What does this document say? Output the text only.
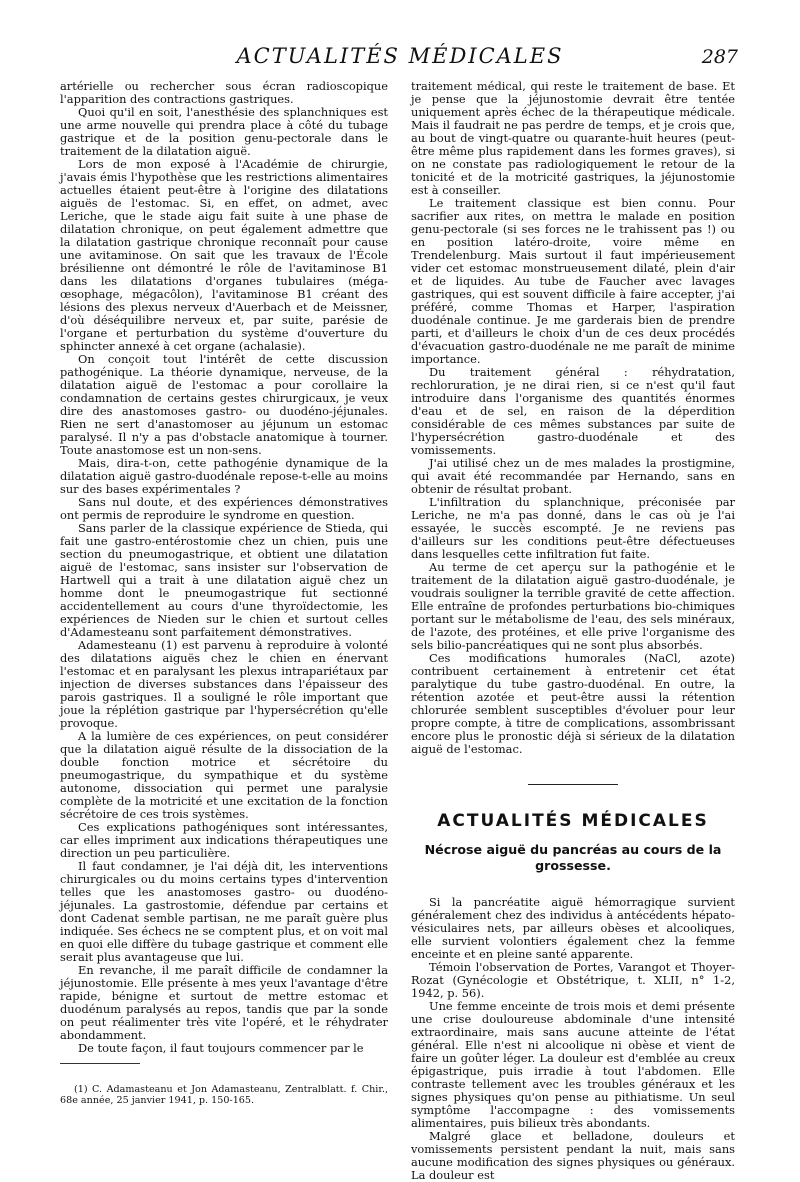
ACTUALITÉS MÉDICALES	287

artérielle ou rechercher sous écran radioscopique l'apparition des contractions gastriques.

Quoi qu'il en soit, l'anesthésie des splanchniques est une arme nouvelle qui prendra place à côté du tubage gastrique et de la position genu-pectorale dans le traitement de la dilatation aiguë.

Lors de mon exposé à l'Académie de chirurgie, j'avais émis l'hypothèse que les restrictions alimentaires actuelles étaient peut-être à l'origine des dilatations aiguës de l'estomac. Si, en effet, on admet, avec Leriche, que le stade aigu fait suite à une phase de dilatation chronique, on peut également admettre que la dilatation gastrique chronique reconnaît pour cause une avitaminose. On sait que les travaux de l'École brésilienne ont démontré le rôle de l'avitaminose B1 dans les dilatations d'organes tubulaires (méga-œsophage, mégacôlon), l'avitaminose B1 créant des lésions des plexus nerveux d'Auerbach et de Meissner, d'où déséquilibre nerveux et, par suite, parésie de l'organe et perturbation du système d'ouverture du sphincter annexé à cet organe (achalasie).

On conçoit tout l'intérêt de cette discussion pathogénique. La théorie dynamique, nerveuse, de la dilatation aiguë de l'estomac a pour corollaire la condamnation de certains gestes chirurgicaux, je veux dire des anastomoses gastro- ou duodéno-jéjunales. Rien ne sert d'anastomoser au jéjunum un estomac paralysé. Il n'y a pas d'obstacle anatomique à tourner. Toute anastomose est un non-sens.

Mais, dira-t-on, cette pathogénie dynamique de la dilatation aiguë gastro-duodénale repose-t-elle au moins sur des bases expérimentales ?

Sans nul doute, et des expériences démonstratives ont permis de reproduire le syndrome en question.

Sans parler de la classique expérience de Stieda, qui fait une gastro-entérostomie chez un chien, puis une section du pneumogastrique, et obtient une dilatation aiguë de l'estomac, sans insister sur l'observation de Hartwell qui a trait à une dilatation aiguë chez un homme dont le pneumogastrique fut sectionné accidentellement au cours d'une thyroïdectomie, les expériences de Nieden sur le chien et surtout celles d'Adamesteanu sont parfaitement démonstratives.

Adamesteanu (1) est parvenu à reproduire à volonté des dilatations aiguës chez le chien en énervant l'estomac et en paralysant les plexus intrapariétaux par injection de diverses substances dans l'épaisseur des parois gastriques. Il a souligné le rôle important que joue la réplétion gastrique par l'hypersécrétion qu'elle provoque.

A la lumière de ces expériences, on peut considérer que la dilatation aiguë résulte de la dissociation de la double fonction motrice et sécrétoire du pneumogastrique, du sympathique et du système autonome, dissociation qui permet une paralysie complète de la motricité et une excitation de la fonction sécrétoire de ces trois systèmes.

Ces explications pathogéniques sont intéressantes, car elles impriment aux indications thérapeutiques une direction un peu particulière.

Il faut condamner, je l'ai déjà dit, les interventions chirurgicales ou du moins certains types d'intervention telles que les anastomoses gastro- ou duodéno-jéjunales. La gastrostomie, défendue par certains et dont Cadenat semble partisan, ne me paraît guère plus indiquée. Ses échecs ne se comptent plus, et on voit mal en quoi elle diffère du tubage gastrique et comment elle serait plus avantageuse que lui.

En revanche, il me paraît difficile de condamner la jéjunostomie. Elle présente à mes yeux l'avantage d'être rapide, bénigne et surtout de mettre estomac et duodénum paralysés au repos, tandis que par la sonde on peut réalimenter très vite l'opéré, et le réhydrater abondamment.

De toute façon, il faut toujours commencer par le

(1) C. Adamasteanu et Jon Adamasteanu, Zentralblatt. f. Chir., 68e année, 25 janvier 1941, p. 150-165.

traitement médical, qui reste le traitement de base. Et je pense que la jéjunostomie devrait être tentée uniquement après échec de la thérapeutique médicale. Mais il faudrait ne pas perdre de temps, et je crois que, au bout de vingt-quatre ou quarante-huit heures (peut-être même plus rapidement dans les formes graves), si on ne constate pas radiologiquement le retour de la tonicité et de la motricité gastriques, la jéjunostomie est à conseiller.

Le traitement classique est bien connu. Pour sacrifier aux rites, on mettra le malade en position genu-pectorale (si ses forces ne le trahissent pas !) ou en position latéro-droite, voire même en Trendelenburg. Mais surtout il faut impérieusement vider cet estomac monstrueusement dilaté, plein d'air et de liquides. Au tube de Faucher avec lavages gastriques, qui est souvent difficile à faire accepter, j'ai préféré, comme Thomas et Harper, l'aspiration duodénale continue. Je me garderais bien de prendre parti, et d'ailleurs le choix d'un de ces deux procédés d'évacuation gastro-duodénale ne me paraît de minime importance.

Du traitement général : réhydratation, rechloruration, je ne dirai rien, si ce n'est qu'il faut introduire dans l'organisme des quantités énormes d'eau et de sel, en raison de la déperdition considérable de ces mêmes substances par suite de l'hypersécrétion gastro-duodénale et des vomissements.

J'ai utilisé chez un de mes malades la prostigmine, qui avait été recommandée par Hernando, sans en obtenir de résultat probant.

L'infiltration du splanchnique, préconisée par Leriche, ne m'a pas donné, dans le cas où je l'ai essayée, le succès escompté. Je ne reviens pas d'ailleurs sur les conditions peut-être défectueuses dans lesquelles cette infiltration fut faite.

Au terme de cet aperçu sur la pathogénie et le traitement de la dilatation aiguë gastro-duodénale, je voudrais souligner la terrible gravité de cette affection. Elle entraîne de profondes perturbations bio-chimiques portant sur le métabolisme de l'eau, des sels minéraux, de l'azote, des protéines, et elle prive l'organisme des sels bilio-pancréatiques qui ne sont plus absorbés.

Ces modifications humorales (NaCl, azote) contribuent certainement à entretenir cet état paralytique du tube gastro-duodénal. En outre, la rétention azotée et peut-être aussi la rétention chlorurée semblent susceptibles d'évoluer pour leur propre compte, à titre de complications, assombrissant encore plus le pronostic déjà si sérieux de la dilatation aiguë de l'estomac.

ACTUALITÉS MÉDICALES
Nécrose aiguë du pancréas au cours de la grossesse.

Si la pancréatite aiguë hémorragique survient généralement chez des individus à antécédents hépato-vésiculaires nets, par ailleurs obèses et alcooliques, elle survient volontiers également chez la femme enceinte et en pleine santé apparente.

Témoin l'observation de Portes, Varangot et Thoyer-Rozat (Gynécologie et Obstétrique, t. XLII, n° 1-2, 1942, p. 56).

Une femme enceinte de trois mois et demi présente une crise douloureuse abdominale d'une intensité extraordinaire, mais sans aucune atteinte de l'état général. Elle n'est ni alcoolique ni obèse et vient de faire un goûter léger. La douleur est d'emblée au creux épigastrique, puis irradie à tout l'abdomen. Elle contraste tellement avec les troubles généraux et les signes physiques qu'on pense au pithiatisme. Un seul symptôme l'accompagne : des vomissements alimentaires, puis bilieux très abondants.

Malgré glace et belladone, douleurs et vomissements persistent pendant la nuit, mais sans aucune modification des signes physiques ou généraux. La douleur est
